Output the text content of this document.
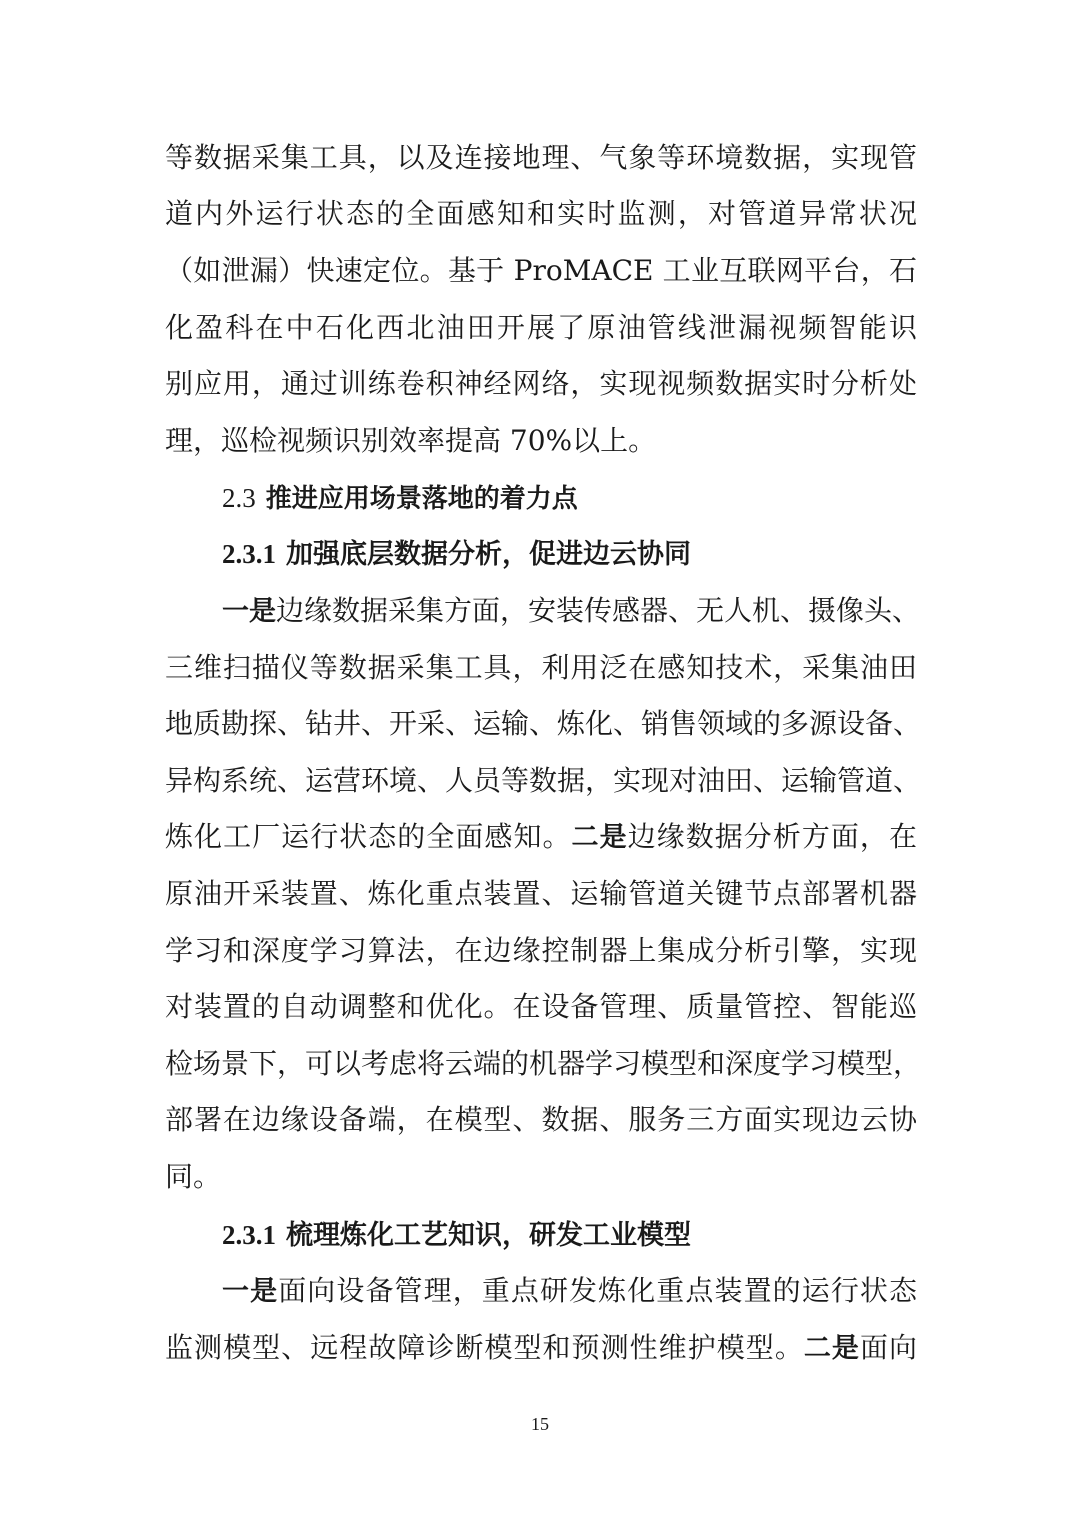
等数据采集工具，以及连接地理、气象等环境数据，实现管
道内外运行状态的全面感知和实时监测，对管道异常状况
（如泄漏）快速定位。基于 ProMACE 工业互联网平台，石
化盈科在中石化西北油田开展了原油管线泄漏视频智能识
别应用，通过训练卷积神经网络，实现视频数据实时分析处
理，巡检视频识别效率提高 70%以上。
2.3 推进应用场景落地的着力点
2.3.1 加强底层数据分析，促进边云协同
一是边缘数据采集方面，安装传感器、无人机、摄像头、
三维扫描仪等数据采集工具，利用泛在感知技术，采集油田
地质勘探、钻井、开采、运输、炼化、销售领域的多源设备、
异构系统、运营环境、人员等数据，实现对油田、运输管道、
炼化工厂运行状态的全面感知。二是边缘数据分析方面，在
原油开采装置、炼化重点装置、运输管道关键节点部署机器
学习和深度学习算法，在边缘控制器上集成分析引擎，实现
对装置的自动调整和优化。在设备管理、质量管控、智能巡
检场景下，可以考虑将云端的机器学习模型和深度学习模型，
部署在边缘设备端，在模型、数据、服务三方面实现边云协
同。
2.3.1 梳理炼化工艺知识，研发工业模型
一是面向设备管理，重点研发炼化重点装置的运行状态
监测模型、远程故障诊断模型和预测性维护模型。二是面向
15
